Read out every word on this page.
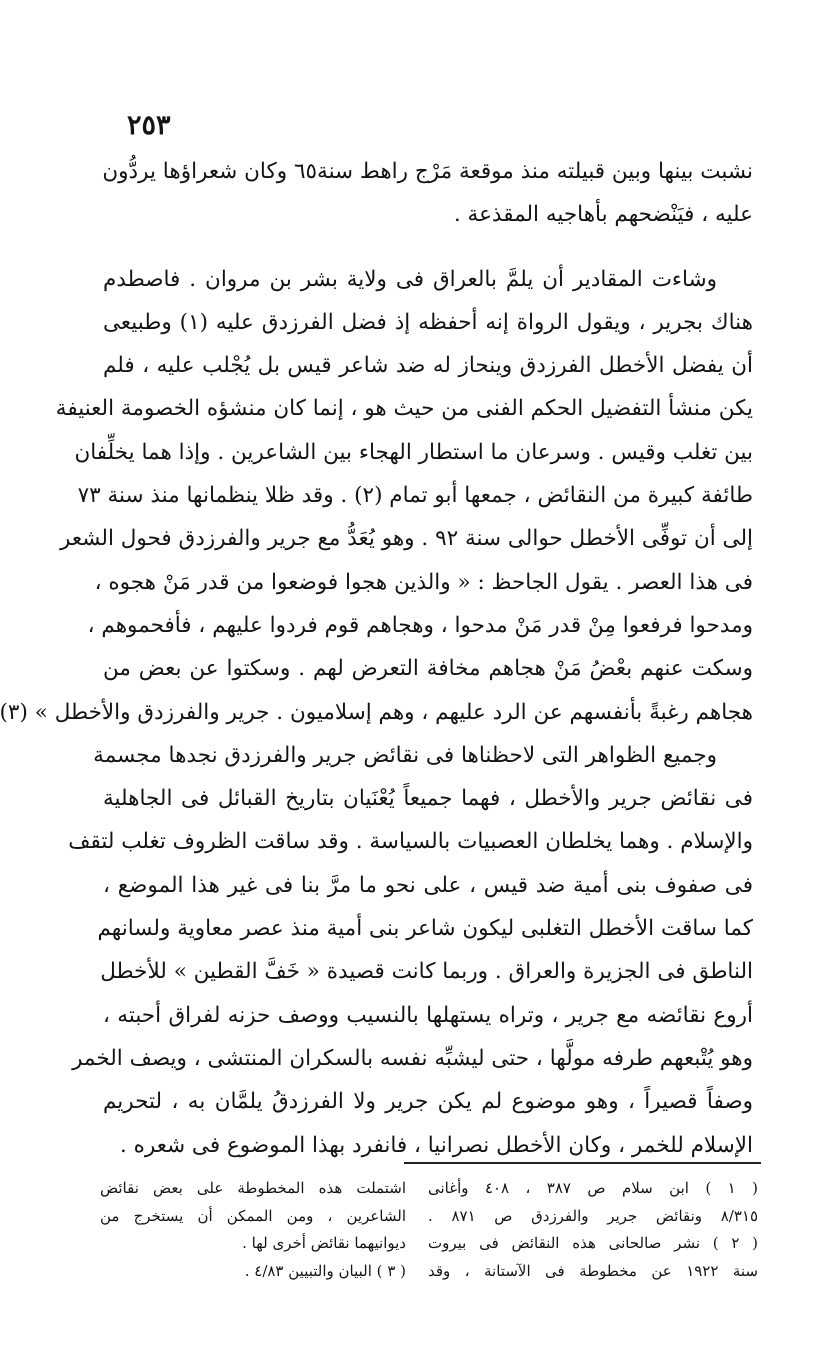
٢٥٣
نشبت بينها وبين قبيلته منذ موقعة مَرْج راهط سنة٦٥ وكان شعراؤها يردُّون
عليه ، فيَنْضحهم بأهاجيه المقذعة .
وشاءت المقادير أن يلمَّ بالعراق فى ولاية بشر بن مروان . فاصطدم
هناك بجرير ، ويقول الرواة إنه أحفظه إذ فضل الفرزدق عليه (١) وطبيعى
أن يفضل الأخطل الفرزدق وينحاز له ضد شاعر قيس بل يُجْلب عليه ، فلم
يكن منشأ التفضيل الحكم الفنى من حيث هو ، إنما كان منشؤه الخصومة العنيفة
بين تغلب وقيس . وسرعان ما استطار الهجاء بين الشاعرين . وإذا هما يخلِّفان
طائفة كبيرة من النقائض ، جمعها أبو تمام (٢) . وقد ظلا ينظمانها منذ سنة ٧٣
إلى أن توفِّى الأخطل حوالى سنة ٩٢ . وهو يُعَدُّ مع جرير والفرزدق فحول الشعر
فى هذا العصر . يقول الجاحظ : « والذين هجوا فوضعوا من قدر مَنْ هجوه ،
ومدحوا فرفعوا مِنْ قدر مَنْ مدحوا ، وهجاهم قوم فردوا عليهم ، فأفحموهم ،
وسكت عنهم بعْضُ مَنْ هجاهم مخافة التعرض لهم . وسكتوا عن بعض من
هجاهم رغبةً بأنفسهم عن الرد عليهم ، وهم إسلاميون . جرير والفرزدق والأخطل » (٣)
وجميع الظواهر التى لاحظناها فى نقائض جرير والفرزدق نجدها مجسمة
فى نقائض جرير والأخطل ، فهما جميعاً يُعْنَيان بتاريخ القبائل فى الجاهلية
والإسلام . وهما يخلطان العصبيات بالسياسة . وقد ساقت الظروف تغلب لتقف
فى صفوف بنى أمية ضد قيس ، على نحو ما مرَّ بنا فى غير هذا الموضع ،
كما ساقت الأخطل التغلبى ليكون شاعر بنى أمية منذ عصر معاوية ولسانهم
الناطق فى الجزيرة والعراق . وربما كانت قصيدة « خَفَّ القطين » للأخطل
أروع نقائضه مع جرير ، وتراه يستهلها بالنسيب ووصف حزنه لفراق أحبته ،
وهو يُتْبعهم طرفه مولَّها ، حتى ليشبِّه نفسه بالسكران المنتشى ، ويصف الخمر
وصفاً قصيراً ، وهو موضوع لم يكن جرير ولا الفرزدقُ يلمَّان به ، لتحريم
الإسلام للخمر ، وكان الأخطل نصرانيا ، فانفرد بهذا الموضوع فى شعره .
( ١ ) ابن سلام ص ٣٨٧ ، ٤٠٨ وأغانى
٨/٣١٥ ونقائض جرير والفرزدق ص ٨٧١ .
( ٢ ) نشر صالحانى هذه النقائض فى بيروت
سنة ١٩٢٢ عن مخطوطة فى الآستانة ، وقد
اشتملت هذه المخطوطة على بعض نقائض
الشاعرين ، ومن الممكن أن يستخرج من
ديوانيهما نقائض أخرى لها .
( ٣ ) البيان والتبيين ٤/٨٣ .
